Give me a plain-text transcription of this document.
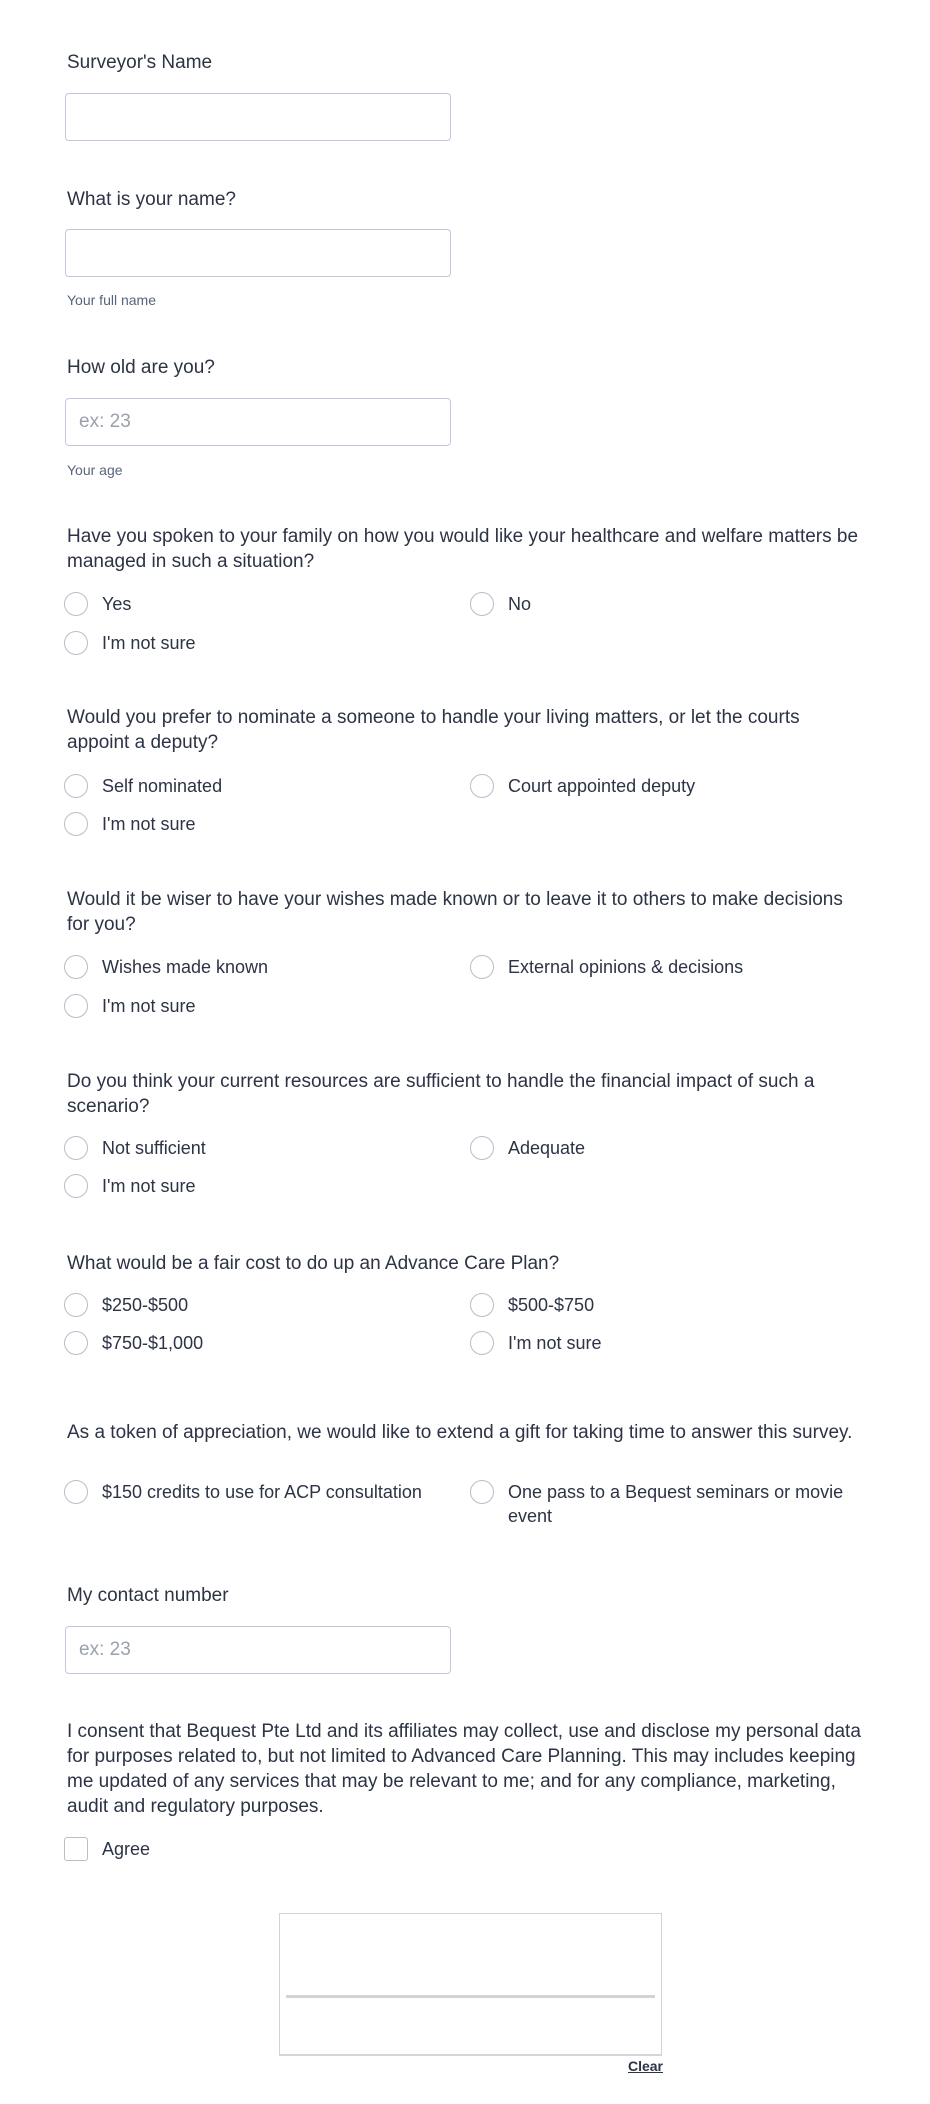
Surveyor's Name
What is your name?
Your full name
How old are you?
ex: 23
Your age
Have you spoken to your family on how you would like your healthcare and welfare matters be managed in such a situation?
Yes	No
I'm not sure
Would you prefer to nominate a someone to handle your living matters, or let the courts appoint a deputy?
Self nominated	Court appointed deputy
I'm not sure
Would it be wiser to have your wishes made known or to leave it to others to make decisions for you?
Wishes made known	External opinions & decisions
I'm not sure
Do you think your current resources are sufficient to handle the financial impact of such a scenario?
Not sufficient	Adequate
I'm not sure
What would be a fair cost to do up an Advance Care Plan?
$250-$500	$500-$750
$750-$1,000	I'm not sure
As a token of appreciation, we would like to extend a gift for taking time to answer this survey.
$150 credits to use for ACP consultation	One pass to a Bequest seminars or movie event
My contact number
ex: 23
I consent that Bequest Pte Ltd and its affiliates may collect, use and disclose my personal data for purposes related to, but not limited to Advanced Care Planning. This may includes keeping me updated of any services that may be relevant to me; and for any compliance, marketing, audit and regulatory purposes.
Agree
Clear
